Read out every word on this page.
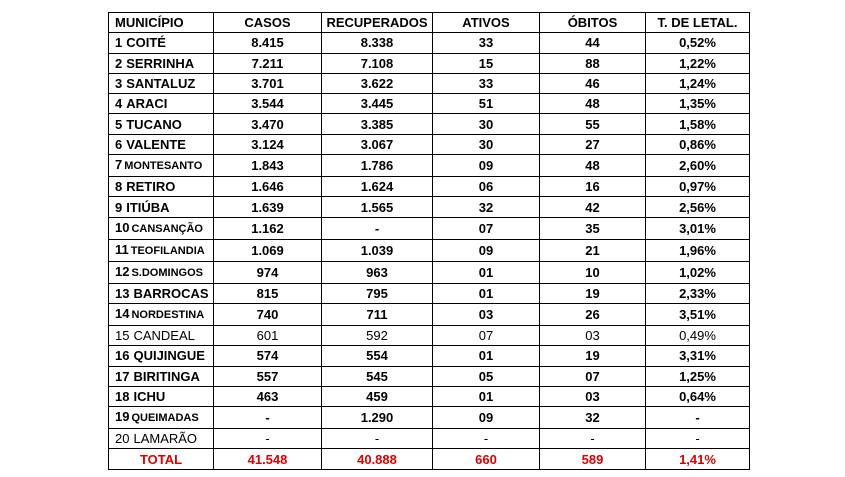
MUNICÍPIO	CASOS	RECUPERADOS	ATIVOS	ÓBITOS	T. DE LETAL.
1 COITÉ	8.415	8.338	33	44	0,52%
2 SERRINHA	7.211	7.108	15	88	1,22%
3 SANTALUZ	3.701	3.622	33	46	1,24%
4 ARACI	3.544	3.445	51	48	1,35%
5 TUCANO	3.470	3.385	30	55	1,58%
6 VALENTE	3.124	3.067	30	27	0,86%
7 MONTESANTO	1.843	1.786	09	48	2,60%
8 RETIRO	1.646	1.624	06	16	0,97%
9 ITIÚBA	1.639	1.565	32	42	2,56%
10 CANSANÇÃO	1.162	-	07	35	3,01%
11 TEOFILANDIA	1.069	1.039	09	21	1,96%
12 S.DOMINGOS	974	963	01	10	1,02%
13 BARROCAS	815	795	01	19	2,33%
14 NORDESTINA	740	711	03	26	3,51%
15 CANDEAL	601	592	07	03	0,49%
16 QUIJINGUE	574	554	01	19	3,31%
17 BIRITINGA	557	545	05	07	1,25%
18 ICHU	463	459	01	03	0,64%
19 QUEIMADAS	-	1.290	09	32	-
20 LAMARÃO	-	-	-	-	-
TOTAL	41.548	40.888	660	589	1,41%
